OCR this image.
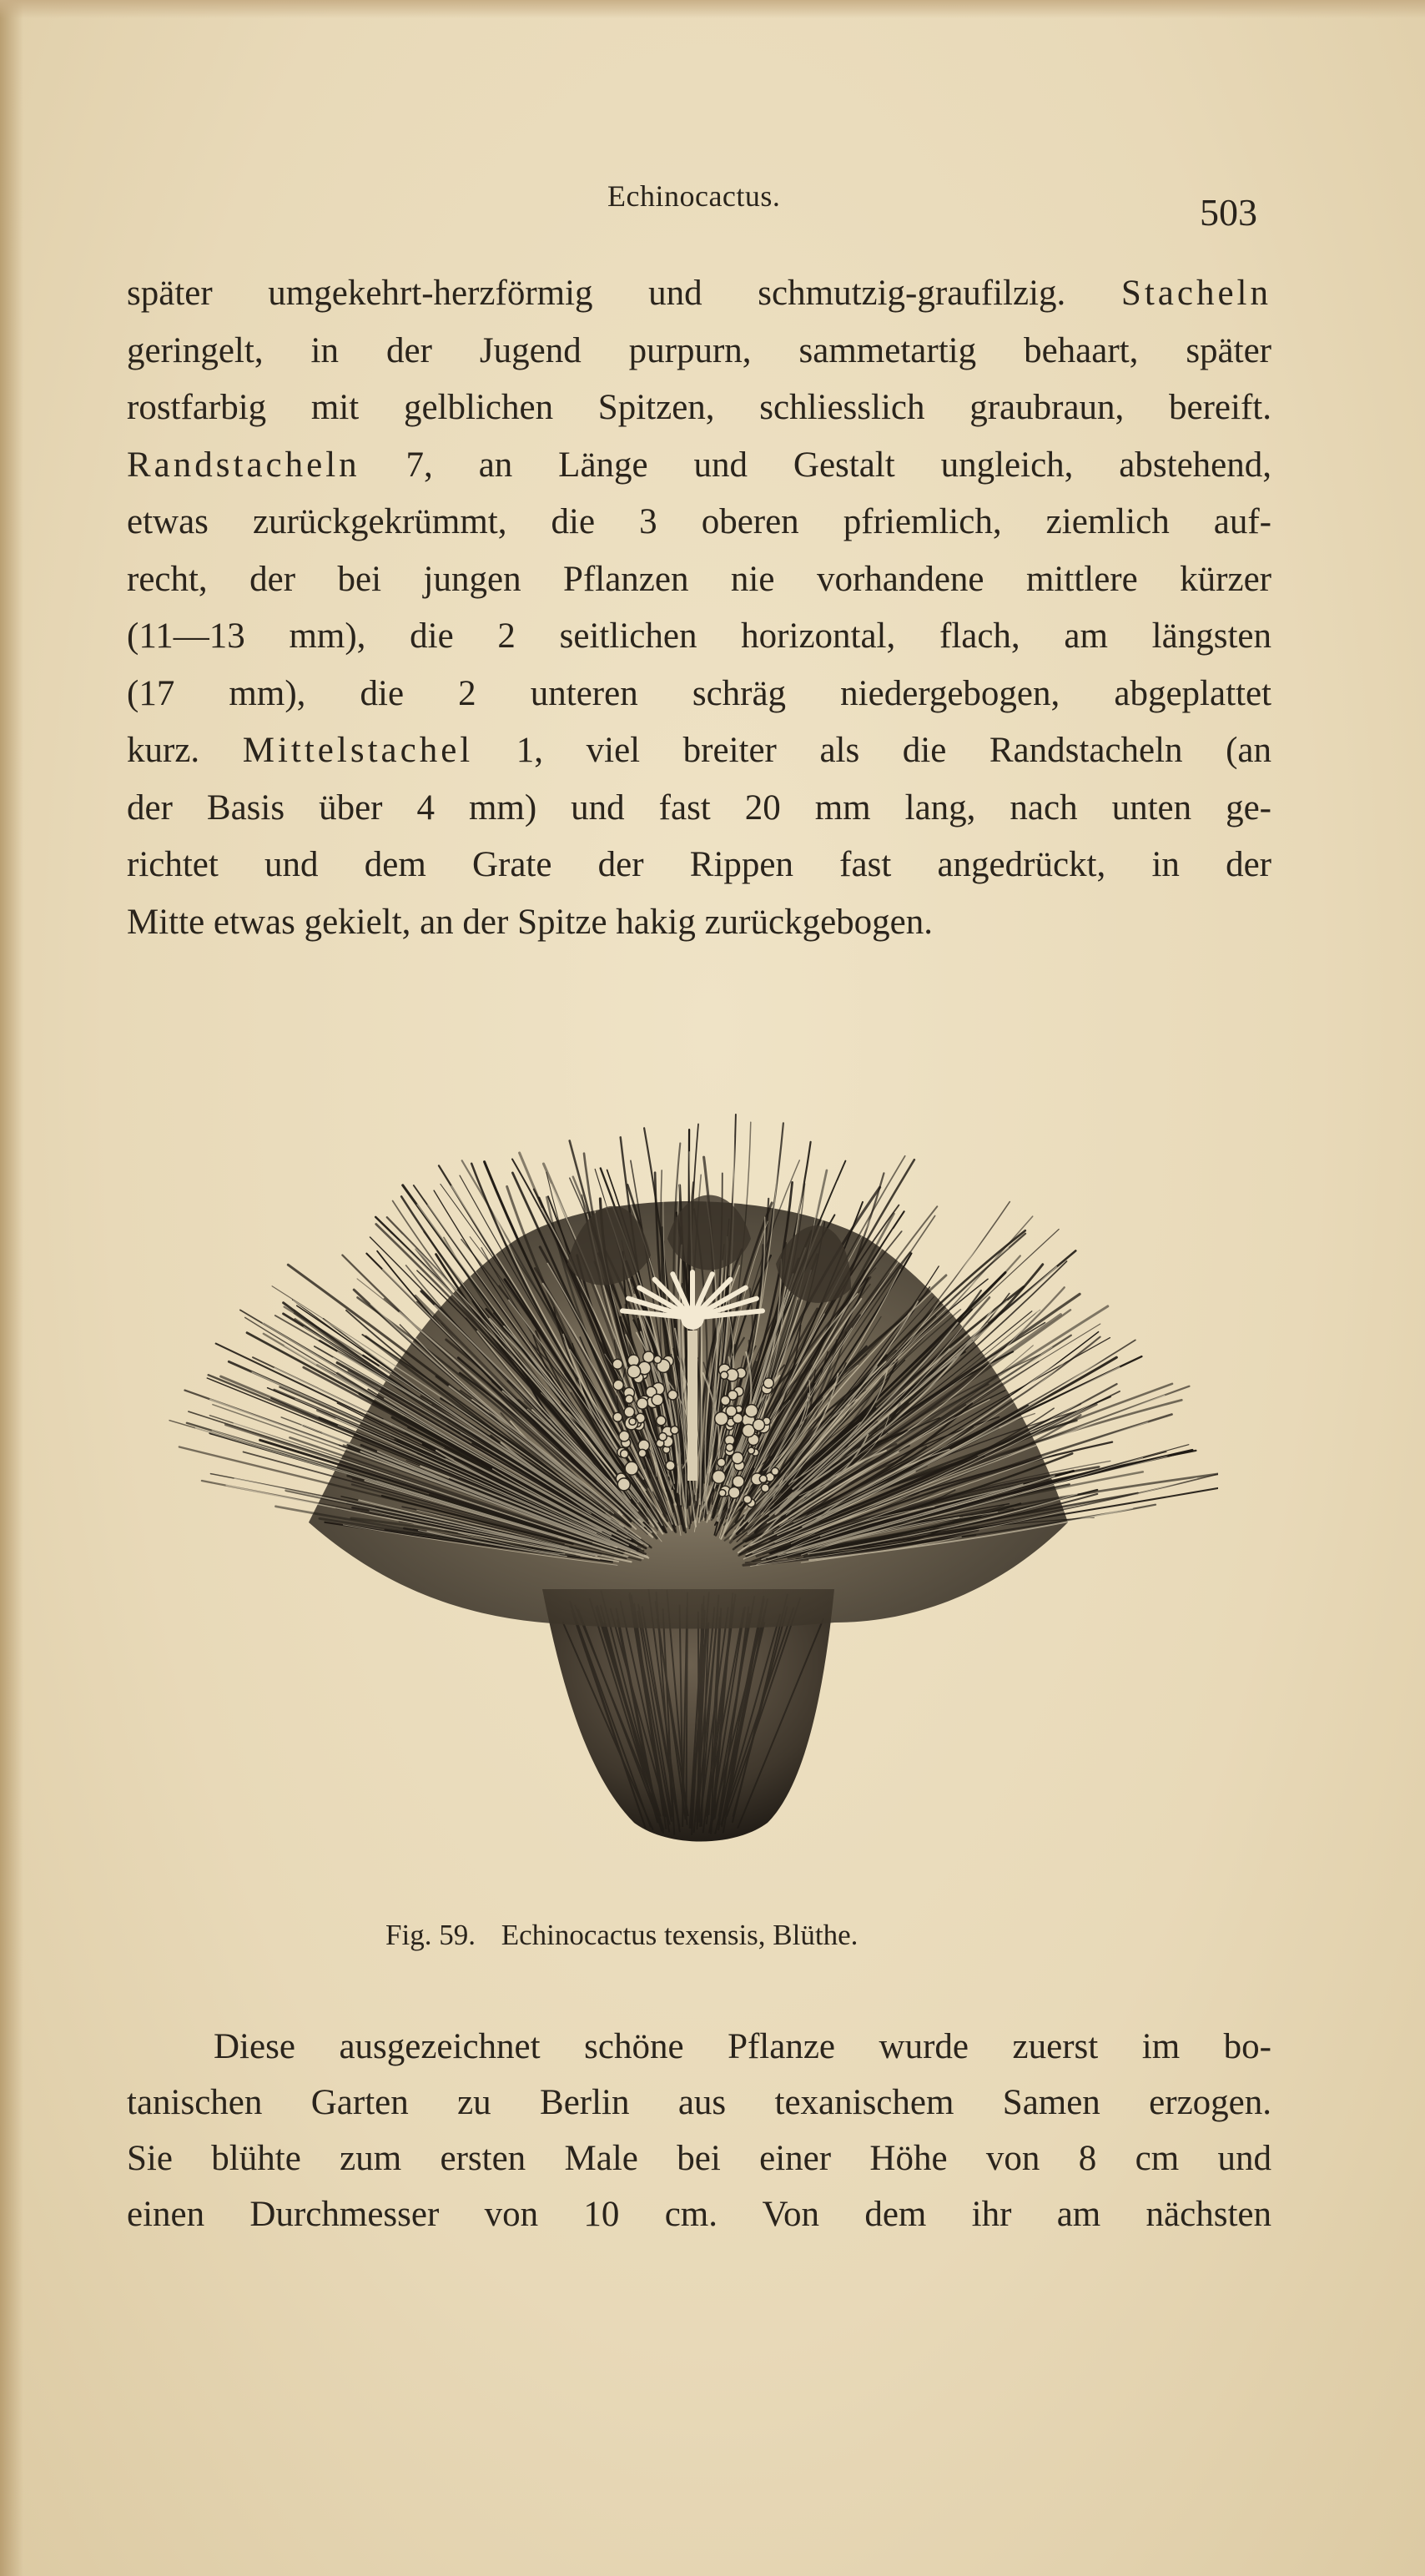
Echinocactus.	503
später umgekehrt-herzförmig und schmutzig-graufilzig. Stacheln
geringelt, in der Jugend purpurn, sammetartig behaart, später
rostfarbig mit gelblichen Spitzen, schliesslich graubraun, bereift.
Randstacheln 7, an Länge und Gestalt ungleich, abstehend,
etwas zurückgekrümmt, die 3 oberen pfriemlich, ziemlich auf-
recht, der bei jungen Pflanzen nie vorhandene mittlere kürzer
(11—13 mm), die 2 seitlichen horizontal, flach, am längsten
(17 mm), die 2 unteren schräg niedergebogen, abgeplattet
kurz. Mittelstachel 1, viel breiter als die Randstacheln (an
der Basis über 4 mm) und fast 20 mm lang, nach unten ge-
richtet und dem Grate der Rippen fast angedrückt, in der
Mitte etwas gekielt, an der Spitze hakig zurückgebogen.
Fig. 59. Echinocactus texensis, Blüthe.
Diese ausgezeichnet schöne Pflanze wurde zuerst im bo-
tanischen Garten zu Berlin aus texanischem Samen erzogen.
Sie blühte zum ersten Male bei einer Höhe von 8 cm und
einen Durchmesser von 10 cm. Von dem ihr am nächsten
